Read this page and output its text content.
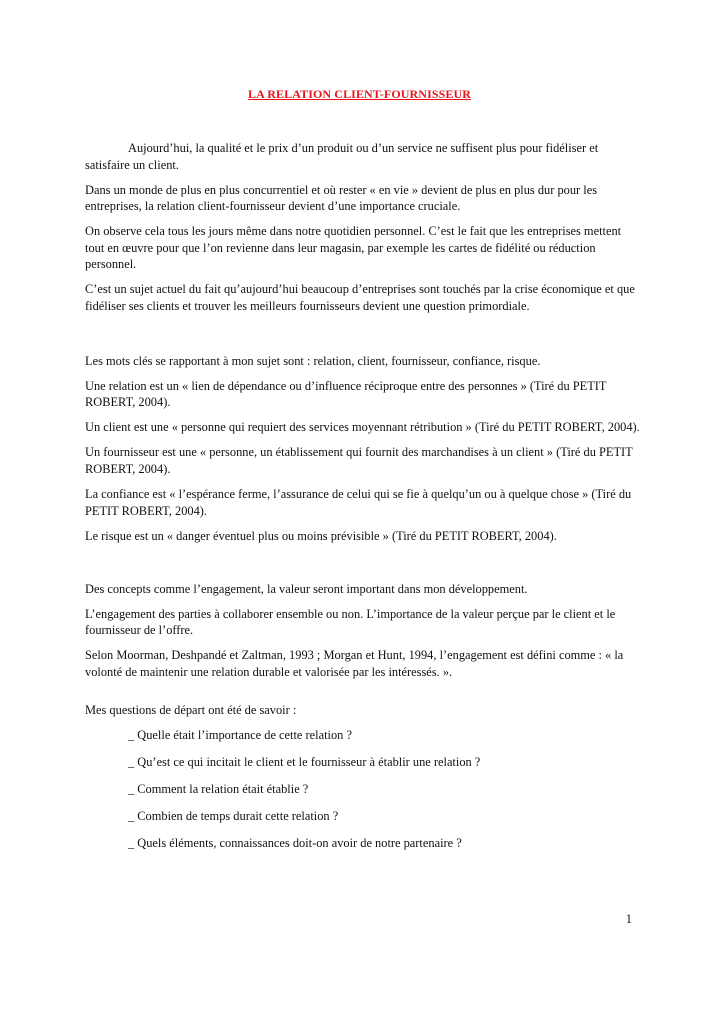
LA RELATION CLIENT-FOURNISSEUR

Aujourd’hui, la qualité et le prix d’un produit ou d’un service ne suffisent plus pour fidéliser et satisfaire un client.

Dans un monde de plus en plus concurrentiel et où rester « en vie » devient de plus en plus dur pour les entreprises, la relation client-fournisseur devient d’une importance cruciale.

On observe cela tous les jours même dans notre quotidien personnel. C’est le fait que les entreprises mettent tout en œuvre pour que l’on revienne dans leur magasin, par exemple les cartes de fidélité ou réduction personnel.

C’est un sujet actuel du fait qu’aujourd’hui beaucoup d’entreprises sont touchés par la crise économique et que fidéliser ses clients et trouver les meilleurs fournisseurs devient une question primordiale.

Les mots clés se rapportant à mon sujet sont : relation, client, fournisseur, confiance, risque.

Une relation est un « lien de dépendance ou d’influence réciproque entre des personnes » (Tiré du PETIT ROBERT, 2004).

Un client est une « personne qui requiert des services moyennant rétribution » (Tiré du PETIT ROBERT, 2004).

Un fournisseur est une « personne, un établissement qui fournit des marchandises à un client » (Tiré du PETIT ROBERT, 2004).

La confiance est « l’espérance ferme, l’assurance de celui qui se fie à quelqu’un ou à quelque chose » (Tiré du PETIT ROBERT, 2004).

Le risque est un « danger éventuel plus ou moins prévisible » (Tiré du PETIT ROBERT, 2004).

Des concepts comme l’engagement, la valeur seront important dans mon développement.

L’engagement des parties à collaborer ensemble ou non. L’importance de la valeur perçue par le client et le fournisseur de l’offre.

Selon Moorman, Deshpandé et Zaltman, 1993 ; Morgan et Hunt, 1994, l’engagement est défini comme : « la volonté de maintenir une relation durable et valorisée par les intéressés. ».

Mes questions de départ ont été de savoir :

_ Quelle était l’importance de cette relation ?
_ Qu’est ce qui incitait le client et le fournisseur à établir une relation ?
_ Comment la relation était établie ?
_ Combien de temps durait cette relation ?
_ Quels éléments, connaissances doit-on avoir de notre partenaire ?
1
